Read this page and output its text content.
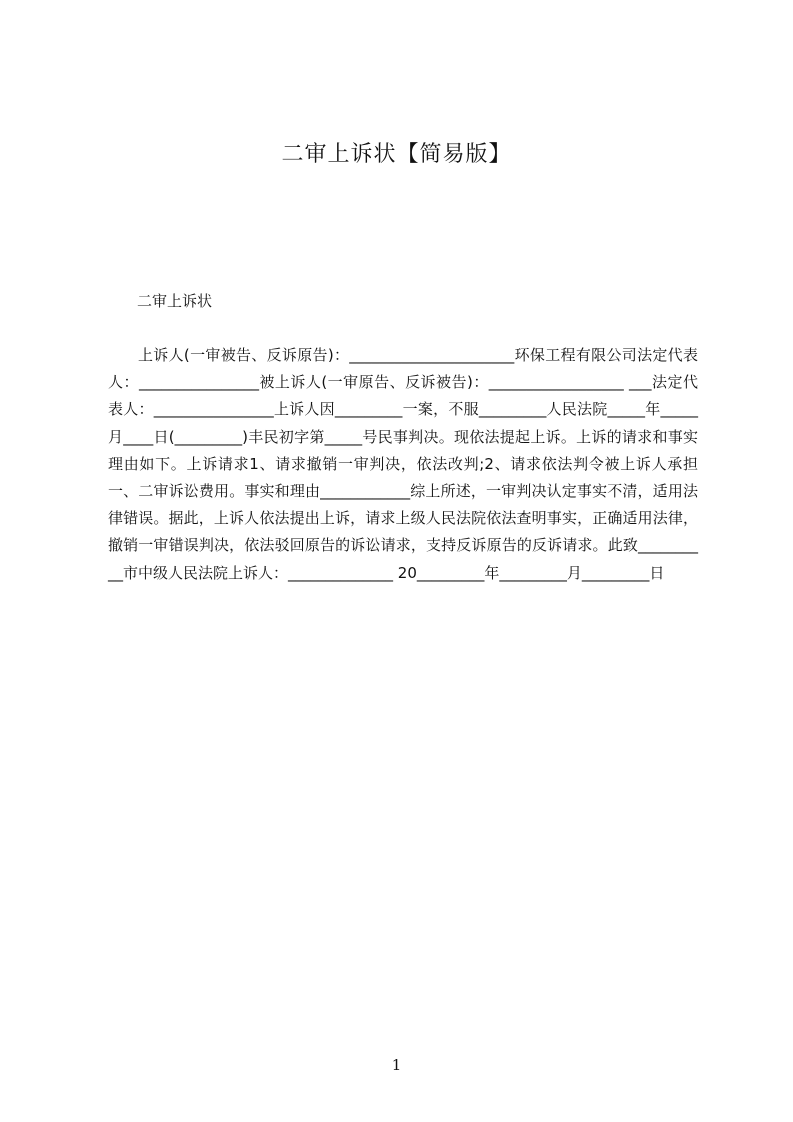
二审上诉状【简易版】
二审上诉状

上诉人(一审被告、反诉原告)：______________________环保工程有限公司法定代表人：________________被上诉人(一审原告、反诉被告)：__________________ ___法定代表人：________________上诉人因_________一案，不服_________人民法院_____年_____月____日(_________)丰民初字第_____号民事判决。现依法提起上诉。上诉的请求和事实理由如下。上诉请求1、请求撤销一审判决，依法改判;2、请求依法判令被上诉人承担一、二审诉讼费用。事实和理由____________综上所述，一审判决认定事实不清，适用法律错误。据此，上诉人依法提出上诉，请求上级人民法院依法查明事实，正确适用法律，撤销一审错误判决，依法驳回原告的诉讼请求，支持反诉原告的反诉请求。此致__________市中级人民法院上诉人：______________ 20_________年_________月_________日

1
